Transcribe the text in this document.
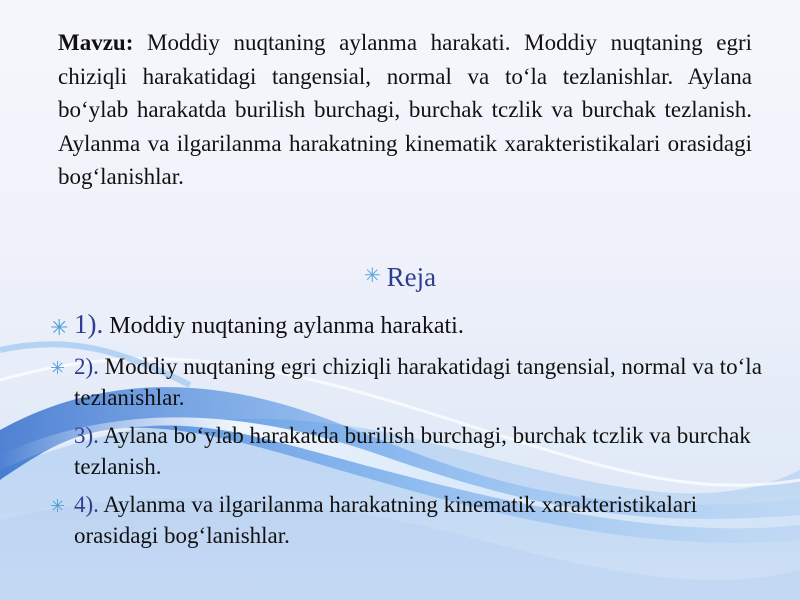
Mavzu: Moddiy nuqtaning aylanma harakati. Moddiy nuqtaning egri chiziqli harakatidagi tangensial, normal va to‘la tezlanishlar. Aylana bo‘ylab harakatda burilish burchagi, burchak tczlik va burchak tezlanish. Aylanma va ilgarilanma harakatning kinematik xarakteristikalari orasidagi bog‘lanishlar.

✳ Reja
✳ 1). Moddiy nuqtaning aylanma harakati.
✳ 2). Moddiy nuqtaning egri chiziqli harakatidagi tangensial, normal va to‘la tezlanishlar.
3). Aylana bo‘ylab harakatda burilish burchagi, burchak tczlik va burchak tezlanish.
✳ 4). Aylanma va ilgarilanma harakatning kinematik xarakteristikalari orasidagi bog‘lanishlar.
